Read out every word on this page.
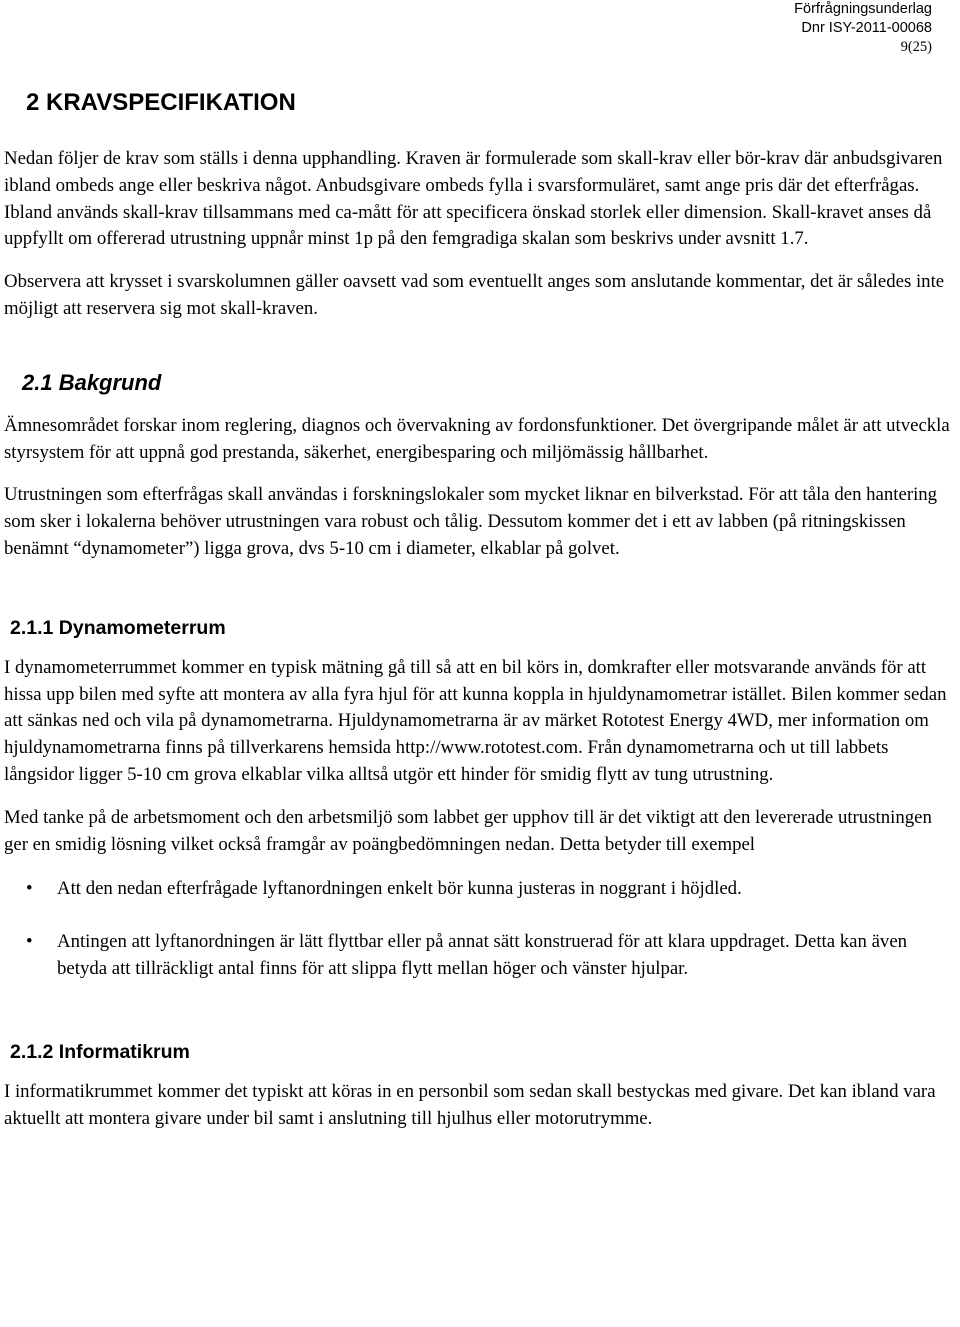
Förfrågningsunderlag
Dnr ISY-2011-00068
9(25)
2 KRAVSPECIFIKATION

Nedan följer de krav som ställs i denna upphandling. Kraven är formulerade som skall-krav eller bör-krav där anbudsgivaren ibland ombeds ange eller beskriva något. Anbudsgivare ombeds fylla i svarsformuläret, samt ange pris där det efterfrågas. Ibland används skall-krav tillsammans med ca-mått för att specificera önskad storlek eller dimension. Skall-kravet anses då uppfyllt om offererad utrustning uppnår minst 1p på den femgradiga skalan som beskrivs under avsnitt 1.7.

Observera att krysset i svarskolumnen gäller oavsett vad som eventuellt anges som anslutande kommentar, det är således inte möjligt att reservera sig mot skall-kraven.

2.1 Bakgrund

Ämnesområdet forskar inom reglering, diagnos och övervakning av fordonsfunktioner. Det övergripande målet är att utveckla styrsystem för att uppnå god prestanda, säkerhet, energibesparing och miljömässig hållbarhet.

Utrustningen som efterfrågas skall användas i forskningslokaler som mycket liknar en bilverkstad. För att tåla den hantering som sker i lokalerna behöver utrustningen vara robust och tålig. Dessutom kommer det i ett av labben (på ritningskissen benämnt “dynamometer”) ligga grova, dvs 5-10 cm i diameter, elkablar på golvet.

2.1.1 Dynamometerrum

I dynamometerrummet kommer en typisk mätning gå till så att en bil körs in, domkrafter eller motsvarande används för att hissa upp bilen med syfte att montera av alla fyra hjul för att kunna koppla in hjuldynamometrar istället. Bilen kommer sedan att sänkas ned och vila på dynamometrarna. Hjuldynamometrarna är av märket Rototest Energy 4WD, mer information om hjuldynamometrarna finns på tillverkarens hemsida http://www.rototest.com. Från dynamometrarna och ut till labbets långsidor ligger 5-10 cm grova elkablar vilka alltså utgör ett hinder för smidig flytt av tung utrustning.

Med tanke på de arbetsmoment och den arbetsmiljö som labbet ger upphov till är det viktigt att den levererade utrustningen ger en smidig lösning vilket också framgår av poängbedömningen nedan. Detta betyder till exempel

• Att den nedan efterfrågade lyftanordningen enkelt bör kunna justeras in noggrant i höjdled.
• Antingen att lyftanordningen är lätt flyttbar eller på annat sätt konstruerad för att klara uppdraget. Detta kan även betyda att tillräckligt antal finns för att slippa flytt mellan höger och vänster hjulpar.
2.1.2 Informatikrum

I informatikrummet kommer det typiskt att köras in en personbil som sedan skall bestyckas med givare. Det kan ibland vara aktuellt att montera givare under bil samt i anslutning till hjulhus eller motorutrymme.
